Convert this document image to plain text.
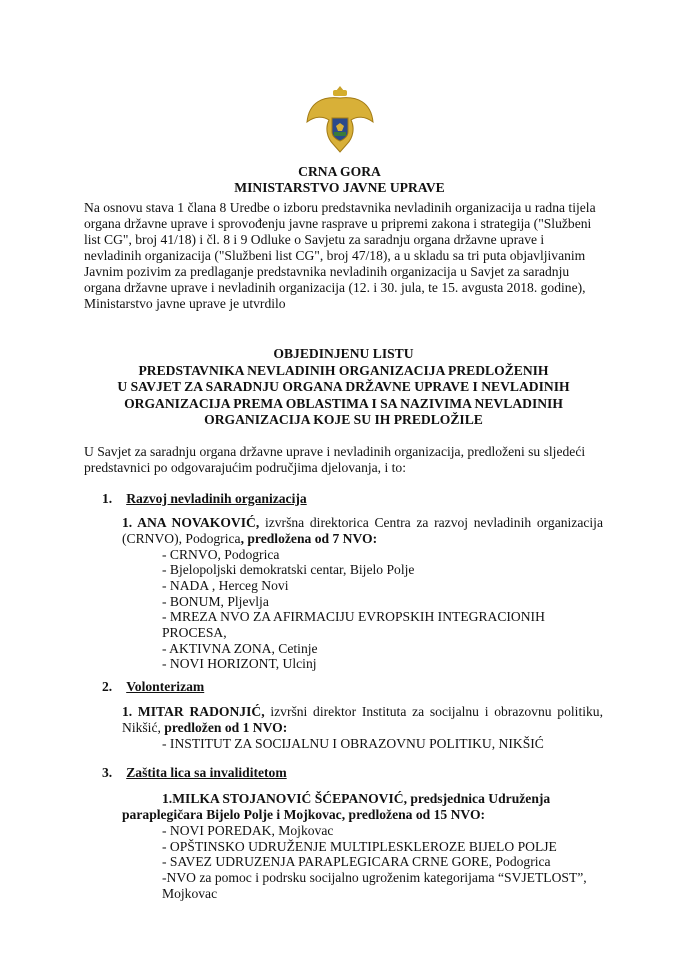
CRNA GORA
MINISTARSTVO JAVNE UPRAVE
Na osnovu stava 1 člana 8 Uredbe o izboru predstavnika nevladinih organizacija u radna tijela
organa državne uprave i sprovođenju javne rasprave u pripremi zakona i strategija ("Službeni
list CG", broj 41/18) i čl. 8 i 9 Odluke o Savjetu za saradnju organa državne uprave i
nevladinih organizacija ("Službeni list CG", broj 47/18), a u skladu sa tri puta objavljivanim
Javnim pozivim za predlaganje predstavnika nevladinih organizacija u Savjet za saradnju
organa državne uprave i nevladinih organizacija (12. i 30. jula, te 15. avgusta 2018. godine),
Ministarstvo javne uprave je utvrdilo
OBJEDINJENU LISTU
PREDSTAVNIKA NEVLADINIH ORGANIZACIJA PREDLOŽENIH
U SAVJET ZA SARADNJU ORGANA DRŽAVNE UPRAVE I NEVLADINIH
ORGANIZACIJA PREMA OBLASTIMA I SA NAZIVIMA NEVLADINIH
ORGANIZACIJA KOJE SU IH PREDLOŽILE
U Savjet za saradnju organa državne uprave i nevladinih organizacija, predloženi su sljedeći
predstavnici po odgovarajućim područjima djelovanja, i to:
1. Razvoj nevladinih organizacija
1. ANA NOVAKOVIĆ, izvršna direktorica Centra za razvoj nevladinih organizacija (CRNVO), Podogrica, predložena od 7 NVO:
- CRNVO, Podogrica
- Bjelopoljski demokratski centar, Bijelo Polje
- NADA , Herceg Novi
- BONUM, Pljevlja
- MREZA NVO ZA AFIRMACIJU EVROPSKIH INTEGRACIONIH PROCESA,
- AKTIVNA ZONA, Cetinje
- NOVI HORIZONT, Ulcinj
2. Volonterizam
1. MITAR RADONJIĆ, izvršni direktor Instituta za socijalnu i obrazovnu politiku, Nikšić, predložen od 1 NVO:
- INSTITUT ZA SOCIJALNU I OBRAZOVNU POLITIKU, NIKŠIĆ
3. Zaštita lica sa invaliditetom
1.MILKA STOJANOVIĆ ŠĆEPANOVIĆ, predsjednica Udruženja
paraplegičara Bijelo Polje i Mojkovac, predložena od 15 NVO:
- NOVI POREDAK, Mojkovac
- OPŠTINSKO UDRUŽENJE MULTIPLESKLEROZE BIJELO POLJE
- SAVEZ UDRUZENJA PARAPLEGICARA CRNE GORE, Podogrica
-NVO za pomoc i podrsku socijalno ugroženim kategorijama “SVJETLOST”,
Mojkovac
